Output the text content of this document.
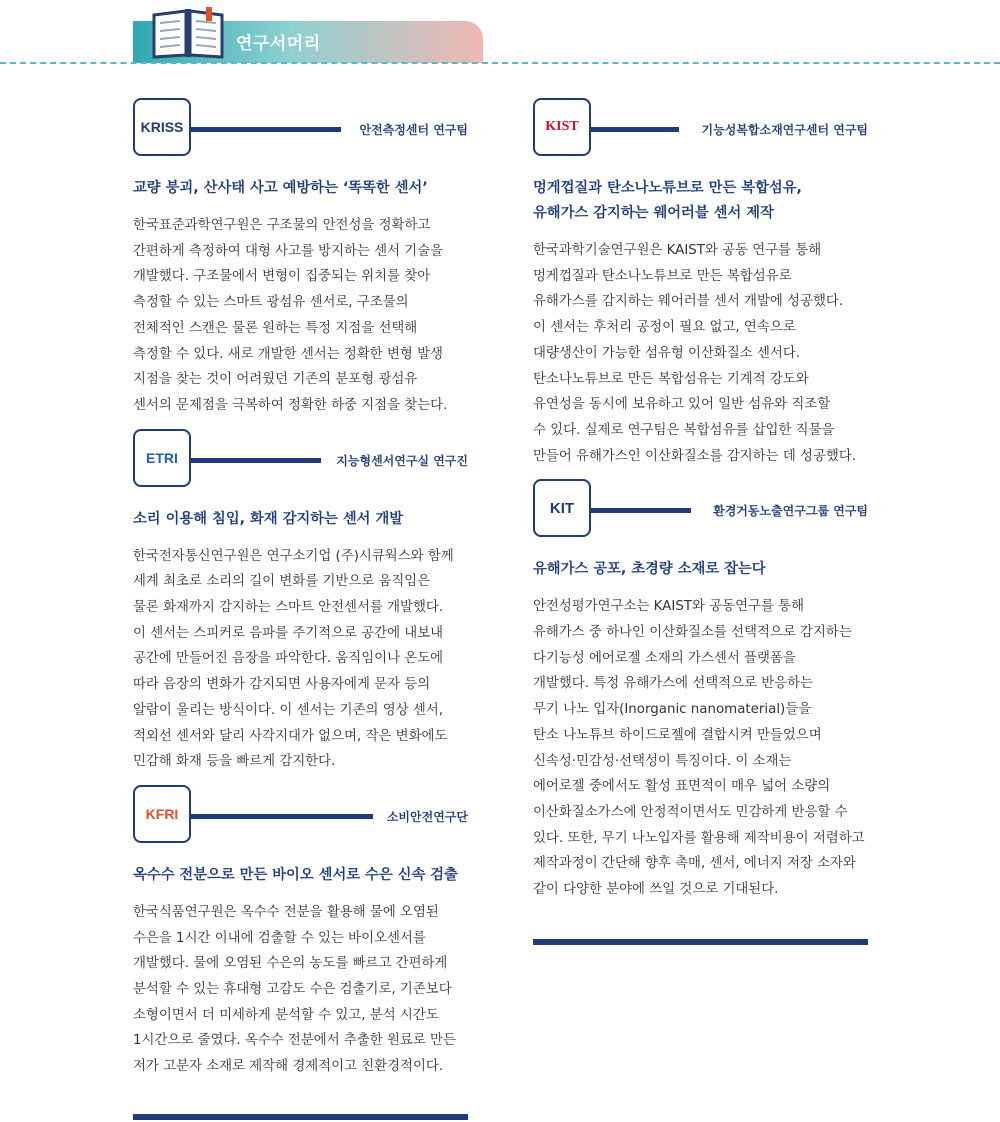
연구서머리
KRISS	안전측정센터 연구팀
교량 붕괴, 산사태 사고 예방하는 ‘똑똑한 센서’
한국표준과학연구원은 구조물의 안전성을 정확하고
간편하게 측정하여 대형 사고를 방지하는 센서 기술을
개발했다. 구조물에서 변형이 집중되는 위치를 찾아
측정할 수 있는 스마트 광섬유 센서로, 구조물의
전체적인 스캔은 물론 원하는 특정 지점을 선택해
측정할 수 있다. 새로 개발한 센서는 정확한 변형 발생
지점을 찾는 것이 어려웠던 기존의 분포형 광섬유
센서의 문제점을 극복하여 정확한 하중 지점을 찾는다.
ETRI	지능형센서연구실 연구진
소리 이용해 침입, 화재 감지하는 센서 개발
한국전자통신연구원은 연구소기업 (주)시큐웍스와 함께
세계 최초로 소리의 길이 변화를 기반으로 움직임은
물론 화재까지 감지하는 스마트 안전센서를 개발했다.
이 센서는 스피커로 음파를 주기적으로 공간에 내보내
공간에 만들어진 음장을 파악한다. 움직임이나 온도에
따라 음장의 변화가 감지되면 사용자에게 문자 등의
알람이 울리는 방식이다. 이 센서는 기존의 영상 센서,
적외선 센서와 달리 사각지대가 없으며, 작은 변화에도
민감해 화재 등을 빠르게 감지한다.
KFRI	소비안전연구단
옥수수 전분으로 만든 바이오 센서로 수은 신속 검출
한국식품연구원은 옥수수 전분을 활용해 물에 오염된
수은을 1시간 이내에 검출할 수 있는 바이오센서를
개발했다. 물에 오염된 수은의 농도를 빠르고 간편하게
분석할 수 있는 휴대형 고감도 수은 검출기로, 기존보다
소형이면서 더 미세하게 분석할 수 있고, 분석 시간도
1시간으로 줄였다. 옥수수 전분에서 추출한 원료로 만든
저가 고분자 소재로 제작해 경제적이고 친환경적이다.
KIST	기능성복합소재연구센터 연구팀
멍게껍질과 탄소나노튜브로 만든 복합섬유,
유해가스 감지하는 웨어러블 센서 제작
한국과학기술연구원은 KAIST와 공동 연구를 통해
멍게껍질과 탄소나노튜브로 만든 복합섬유로
유해가스를 감지하는 웨어러블 센서 개발에 성공했다.
이 센서는 후처리 공정이 필요 없고, 연속으로
대량생산이 가능한 섬유형 이산화질소 센서다.
탄소나노튜브로 만든 복합섬유는 기계적 강도와
유연성을 동시에 보유하고 있어 일반 섬유와 직조할
수 있다. 실제로 연구팀은 복합섬유를 삽입한 직물을
만들어 유해가스인 이산화질소를 감지하는 데 성공했다.
KIT	환경거동노출연구그룹 연구팀
유해가스 공포, 초경량 소재로 잡는다
안전성평가연구소는 KAIST와 공동연구를 통해
유해가스 중 하나인 이산화질소를 선택적으로 감지하는
다기능성 에어로젤 소재의 가스센서 플랫폼을
개발했다. 특정 유해가스에 선택적으로 반응하는
무기 나노 입자(Inorganic nanomaterial)들을
탄소 나노튜브 하이드로젤에 결합시켜 만들었으며
신속성·민감성·선택성이 특징이다. 이 소재는
에어로젤 중에서도 활성 표면적이 매우 넓어 소량의
이산화질소가스에 안정적이면서도 민감하게 반응할 수
있다. 또한, 무기 나노입자를 활용해 제작비용이 저렴하고
제작과정이 간단해 향후 촉매, 센서, 에너지 저장 소자와
같이 다양한 분야에 쓰일 것으로 기대된다.
